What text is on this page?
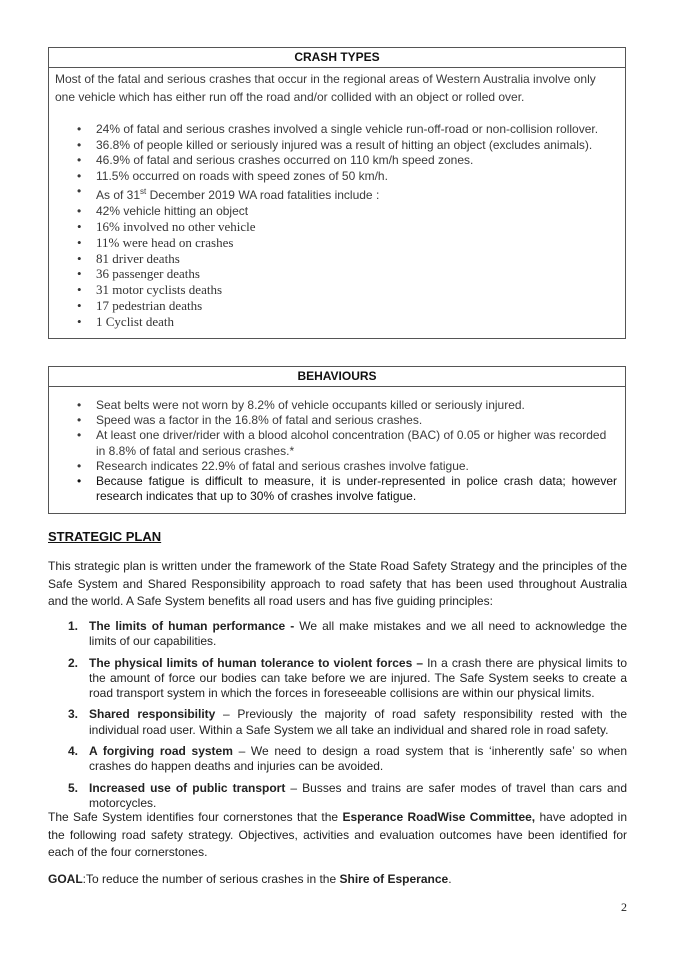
CRASH TYPES
Most of the fatal and serious crashes that occur in the regional areas of Western Australia involve only one vehicle which has either run off the road and/or collided with an object or rolled over.
• 24% of fatal and serious crashes involved a single vehicle run-off-road or non-collision rollover.
• 36.8% of people killed or seriously injured was a result of hitting an object (excludes animals).
• 46.9% of fatal and serious crashes occurred on 110 km/h speed zones.
• 11.5% occurred on roads with speed zones of 50 km/h.
• As of 31st December 2019 WA road fatalities include :
• 42% vehicle hitting an object
• 16% involved no other vehicle
• 11% were head on crashes
• 81 driver deaths
• 36 passenger deaths
• 31 motor cyclists deaths
• 17 pedestrian deaths
• 1 Cyclist death
BEHAVIOURS
• Seat belts were not worn by 8.2% of vehicle occupants killed or seriously injured.
• Speed was a factor in the 16.8% of fatal and serious crashes.
• At least one driver/rider with a blood alcohol concentration (BAC) of 0.05 or higher was recorded in 8.8% of fatal and serious crashes.*
• Research indicates 22.9% of fatal and serious crashes involve fatigue.
• Because fatigue is difficult to measure, it is under-represented in police crash data; however research indicates that up to 30% of crashes involve fatigue.
STRATEGIC PLAN
This strategic plan is written under the framework of the State Road Safety Strategy and the principles of the Safe System and Shared Responsibility approach to road safety that has been used throughout Australia and the world. A Safe System benefits all road users and has five guiding principles:
1. The limits of human performance - We all make mistakes and we all need to acknowledge the limits of our capabilities.
2. The physical limits of human tolerance to violent forces – In a crash there are physical limits to the amount of force our bodies can take before we are injured. The Safe System seeks to create a road transport system in which the forces in foreseeable collisions are within our physical limits.
3. Shared responsibility – Previously the majority of road safety responsibility rested with the individual road user. Within a Safe System we all take an individual and shared role in road safety.
4. A forgiving road system – We need to design a road system that is ‘inherently safe’ so when crashes do happen deaths and injuries can be avoided.
5. Increased use of public transport – Busses and trains are safer modes of travel than cars and motorcycles.
The Safe System identifies four cornerstones that the Esperance RoadWise Committee, have adopted in the following road safety strategy. Objectives, activities and evaluation outcomes have been identified for each of the four cornerstones.
GOAL:To reduce the number of serious crashes in the Shire of Esperance.
2
